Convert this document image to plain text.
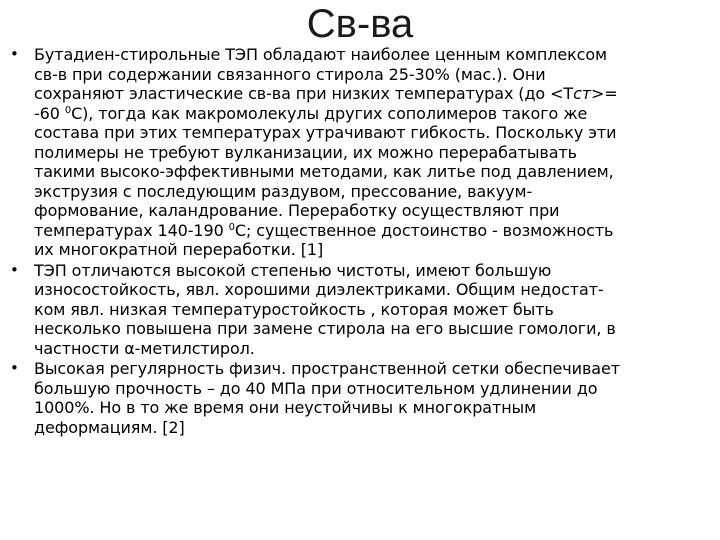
Св-ва
• Бутадиен-стирольные ТЭП обладают наиболее ценным комплексом
св-в при содержании связанного стирола 25-30% (мас.). Они
сохраняют эластические св-ва при низких температурах (до <Tcт>=
-60 $^0$С), тогда как макромолекулы других сополимеров такого же
состава при этих температурах утрачивают гибкость. Поскольку эти
полимеры не требуют вулканизации, их можно перерабатывать
такими высоко-эффективными методами, как литье под давлением,
экструзия с последующим раздувом, прессование, вакуум-
формование, каландрование. Переработку осуществляют при
температурах 140-190 $^0$С; существенное достоинство - возможность
их многократной переработки. [1]

• ТЭП отличаются высокой степенью чистоты, имеют большую
износостойкость, явл. хорошими диэлектриками. Общим недостат-
ком явл. низкая температуростойкость , которая может быть
несколько повышена при замене стирола на его высшие гомологи, в
частности α-метилстирол.

• Высокая регулярность физич. пространственной сетки обеспечивает
большую прочность – до 40 МПа при относительном удлинении до
1000%. Но в то же время они неустойчивы к многократным
деформациям. [2]
